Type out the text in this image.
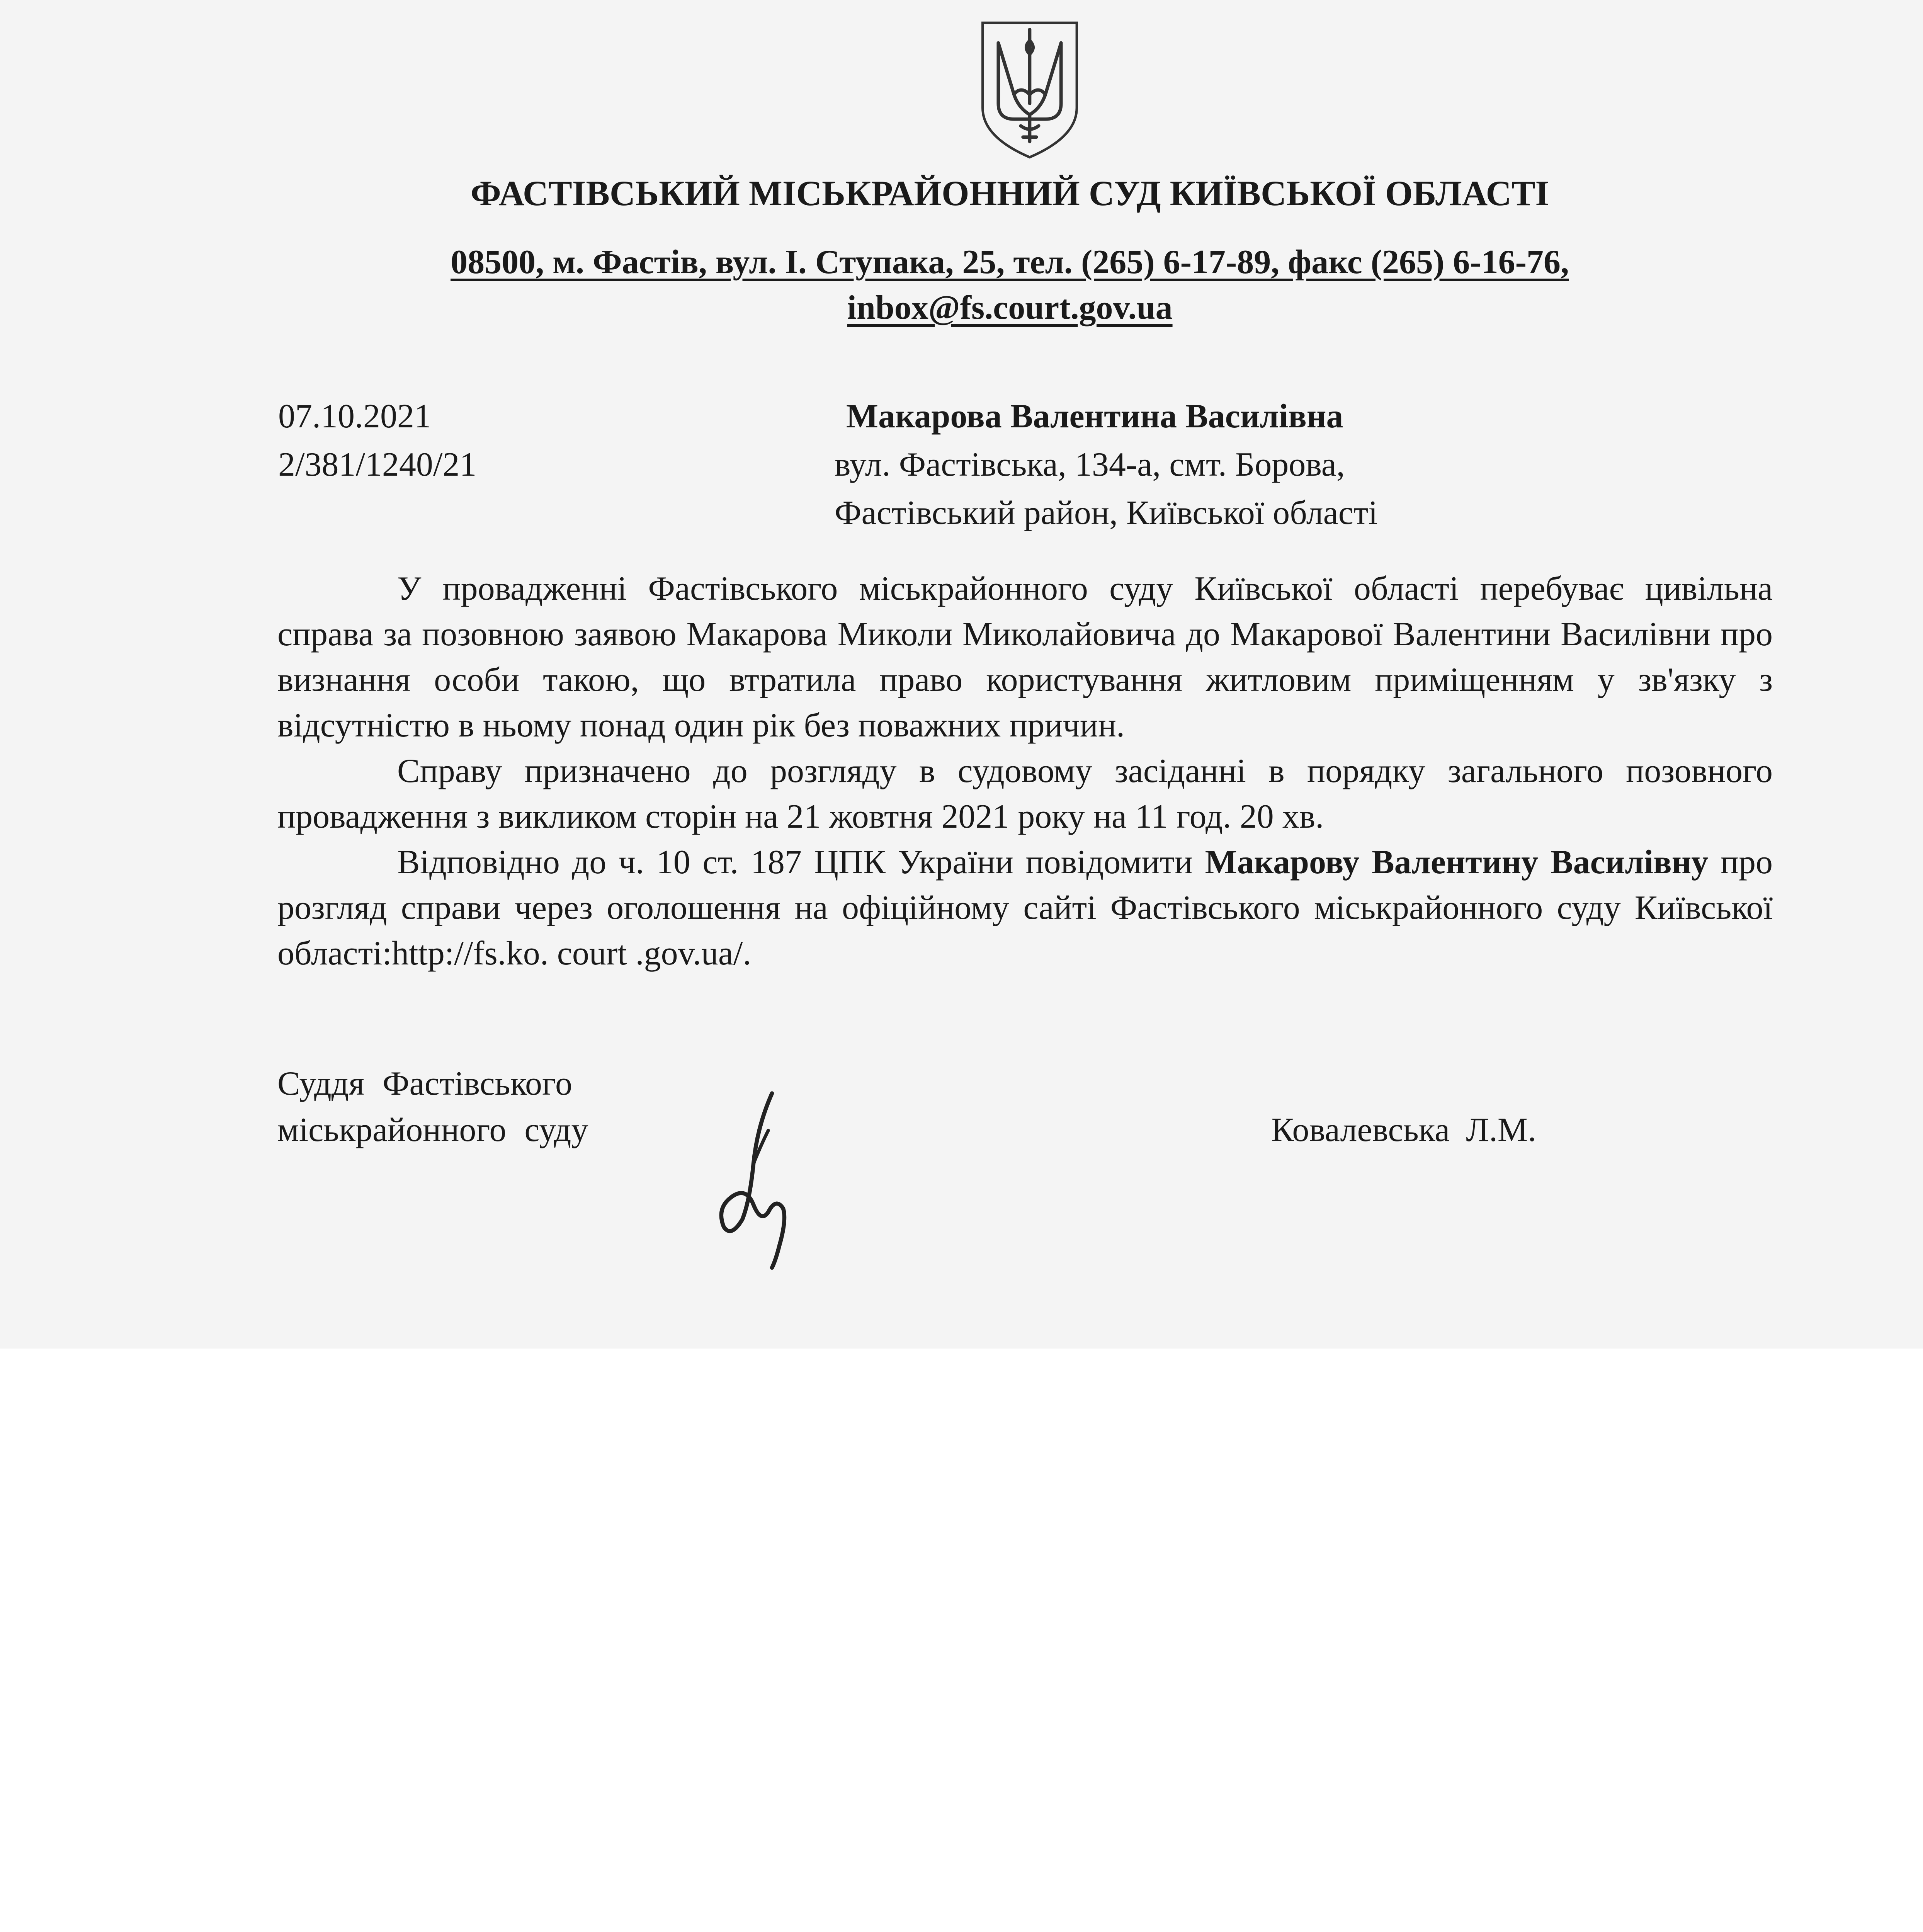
ФАСТІВСЬКИЙ МІСЬКРАЙОННИЙ СУД КИЇВСЬКОЇ ОБЛАСТІ
08500, м. Фастів, вул. І. Ступака, 25, тел. (265) 6-17-89, факс (265) 6-16-76,
inbox@fs.court.gov.ua
07.10.2021
2/381/1240/21
Макарова Валентина Василівна
вул. Фастівська, 134-а, смт. Борова,
Фастівський район, Київської області

У провадженні Фастівського міськрайонного суду Київської області перебуває цивільна справа за позовною заявою Макарова Миколи Миколайовича до Макарової Валентини Василівни про визнання особи такою, що втратила право користування житловим приміщенням у зв'язку з відсутністю в ньому понад один рік без поважних причин.

Справу призначено до розгляду в судовому засіданні в порядку загального позовного провадження з викликом сторін на 21 жовтня 2021 року на 11 год. 20 хв.

Відповідно до ч. 10 ст. 187 ЦПК України повідомити Макарову Валентину Василівну про розгляд справи через оголошення на офіційному сайті Фастівського міськрайонного суду Київської області:http://fs.ko. court .gov.ua/.

Суддя Фастівського
міськрайонного суду	Ковалевська Л.М.
